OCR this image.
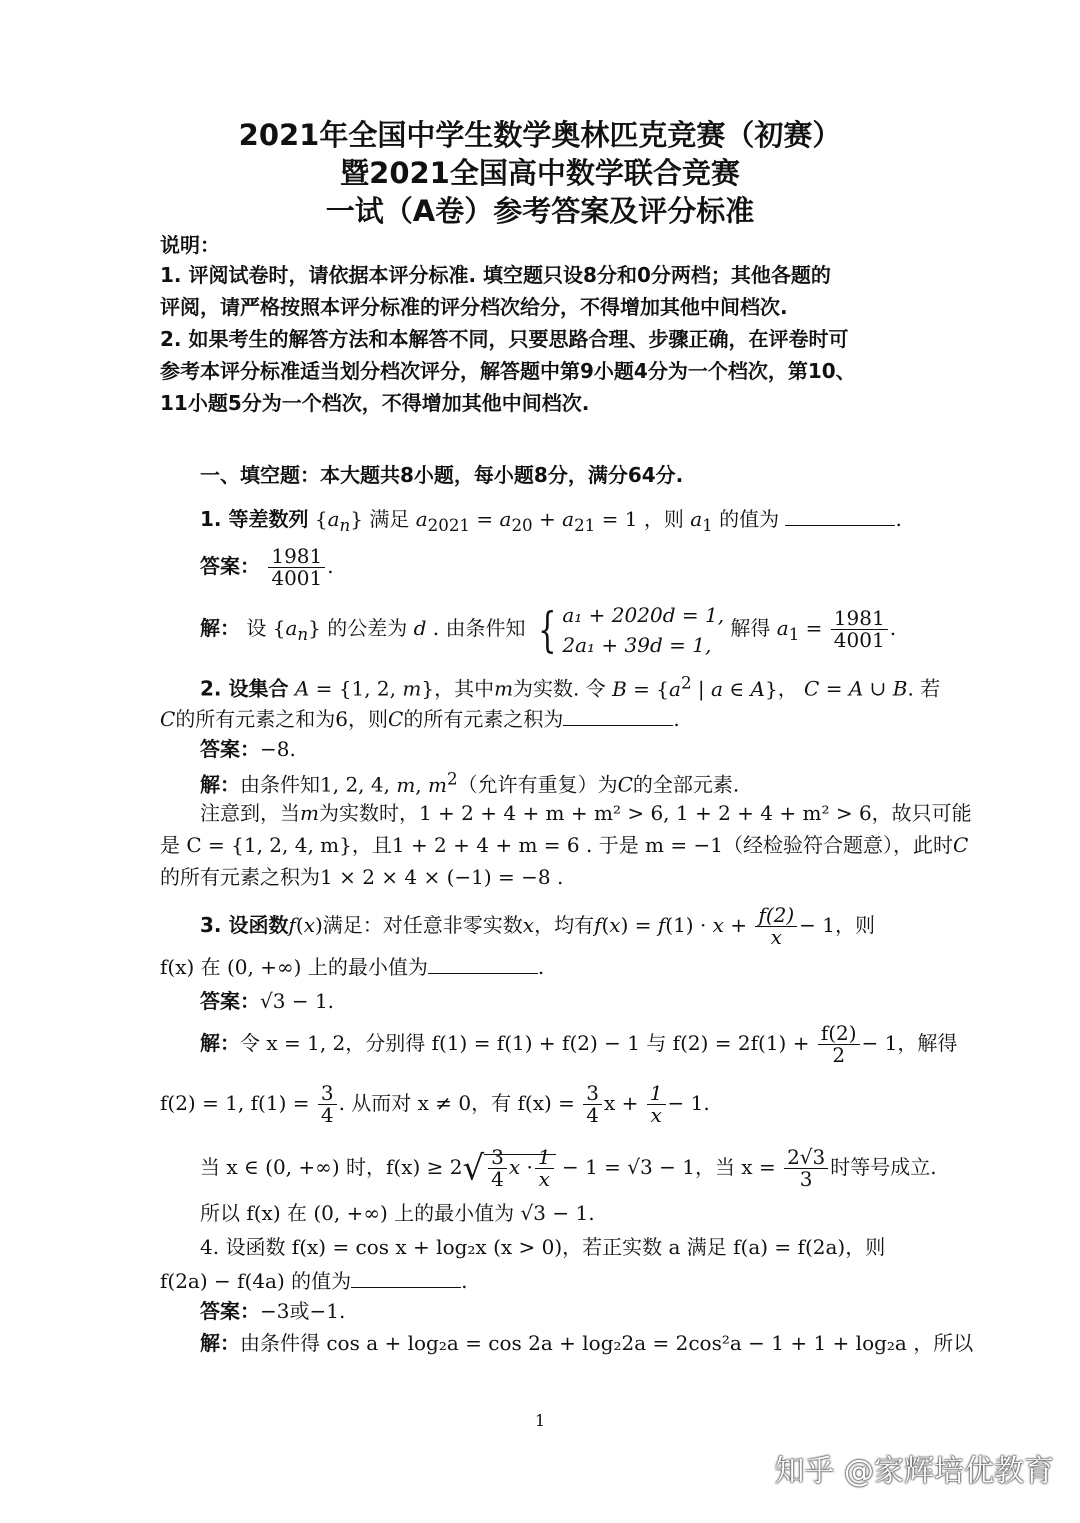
2021年全国中学生数学奥林匹克竞赛（初赛）
暨2021全国高中数学联合竞赛
一试（A卷）参考答案及评分标准
说明：
1. 评阅试卷时，请依据本评分标准. 填空题只设8分和0分两档；其他各题的
评阅，请严格按照本评分标准的评分档次给分，不得增加其他中间档次.
2. 如果考生的解答方法和本解答不同，只要思路合理、步骤正确，在评卷时可
参考本评分标准适当划分档次评分，解答题中第9小题4分为一个档次，第10、
11小题5分为一个档次，不得增加其他中间档次.
一、填空题：本大题共8小题，每小题8分，满分64分.
1. 等差数列 $\{a_n\}$ 满足 $a_{2021} = a_{20} + a_{21} = 1$ ，则 $a_1$ 的值为	.
答案： $\frac{1981}{4001}$ .
解： 设 $\{a_n\}$ 的公差为 d . 由条件知 { a₁ + 2020d = 1,
2a₁ + 39d = 1,
解得 $a_1 = \frac{1981}{4001}$ .
2. 设集合 A = {1, 2, m}，其中m为实数. 令 $B = \{a^2$ | a ∈ A}， C = A ∪ B. 若
C的所有元素之和为6，则C的所有元素之积为	.
答案：−8.
解：由条件知1, 2, 4, m, $m^2$（允许有重复）为C的全部元素.
注意到，当m为实数时，1 + 2 + 4 + m + m² > 6, 1 + 2 + 4 + m² > 6，故只可能
是 C = {1, 2, 4, m}，且1 + 2 + 4 + m = 6 . 于是 m = −1（经检验符合题意），此时C
的所有元素之积为1 × 2 × 4 × (−1) = −8 .
3. 设函数f(x)满足：对任意非零实数x，均有$f(x) = f(1) \cdot x + \frac{f(2)}{x} - 1$，则
f(x) 在 (0, +∞) 上的最小值为	.
答案：√3 − 1.
解：令 x = 1, 2，分别得 f(1) = f(1) + f(2) − 1 与 $f(2) = 2f(1) + \frac{f(2)}{2} - 1$，解得
f(2) = 1, $f(1) = \frac{3}{4}$ . 从而对 x ≠ 0，有 $f(x) = \frac{3}{4}$ $x + \frac{1}{x} - 1$.
当 x ∈ (0, +∞) 时，$f(x) \ge 2√ \frac{3}{4}$ $x \cdot \frac{1}{x} - 1 = √3 - 1$，当 $x = \frac{2√3}{3}$ 时等号成立.
所以 f(x) 在 (0, +∞) 上的最小值为 √3 − 1.
4. 设函数 f(x) = cos x + log₂x (x > 0)，若正实数 a 满足 f(a) = f(2a)，则
f(2a) − f(4a) 的值为	.
答案：−3或−1.
解：由条件得 cos a + log₂a = cos 2a + log₂2a = 2cos²a − 1 + 1 + log₂a ，所以
1
知乎 @家辉培优教育
